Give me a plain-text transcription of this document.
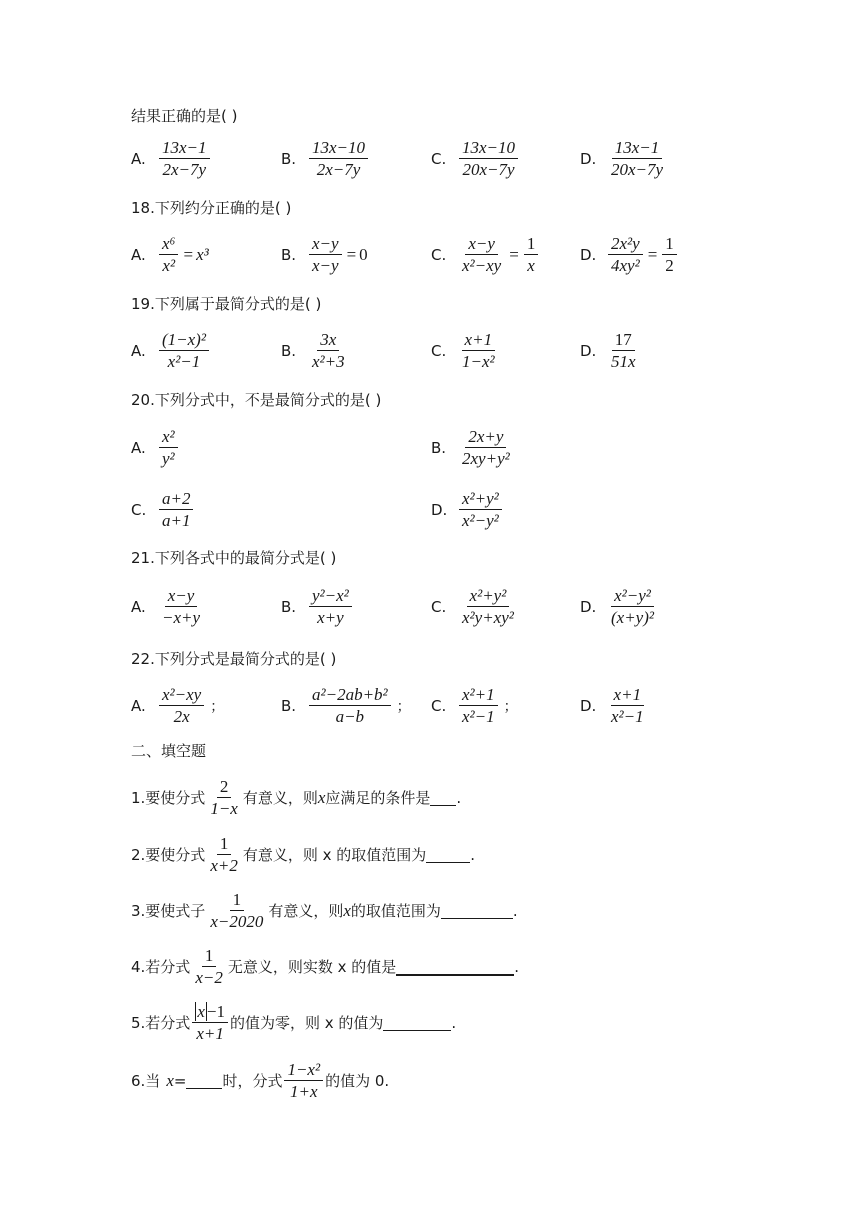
结果正确的是( )
A. $\frac{13x-1}{2x-7y}$	B. $\frac{13x-10}{2x-7y}$	C. $\frac{13x-10}{20x-7y}$	D. $\frac{13x-1}{20x-7y}$
18.下列约分正确的是( )
A. $\frac{\text{x⁶}}{\text{x²}} = x^3$	B. $\frac{x-y}{x-y} = 0$	C. $\frac{x-y}{\text{x²−xy}} = \frac{1}{x}$	D. $\frac{\text{2x²y}}{\text{4xy²}} = \frac{1}{2}$
19.下列属于最简分式的是( )
A. $\frac{\text{(1−x)²}}{\text{x²−1}}$	B. $\frac{3x}{\text{x²+3}}$	C. $\frac{x+1}{\text{1−x²}}$	D. $\frac{17}{51x}$
20.下列分式中，不是最简分式的是( )
A. $\frac{\text{x²}}{\text{y²}}$	B. $\frac{2x+y}{\text{2xy+y²}}$
C. $\frac{a+2}{a+1}$	D. $\frac{\text{x²+y²}}{\text{x²−y²}}$
21.下列各式中的最简分式是( )
A. $\frac{x-y}{-x+y}$	B. $\frac{\text{y²−x²}}{x+y}$	C. $\frac{\text{x²+y²}}{\text{x²y+xy²}}$	D. $\frac{\text{x²−y²}}{\text{(x+y)²}}$
22.下列分式是最简分式的是( )
A. $\frac{\text{x²−xy}}{2x}$ ；	B. $\frac{\text{a²−2ab+b²}}{a-b}$ ； C. $\frac{\text{x²+1}}{\text{x²−1}}$ ；	D. $\frac{x+1}{\text{x²−1}}$
二、填空题
1.要使分式 $\frac{2}{1-x}$ 有意义，则 x 应满足的条件是 .
2.要使分式 $\frac{1}{x+2}$ 有意义，则 x 的取值范围为	.
3.要使式子 $\frac{1}{x-2020}$ 有意义，则 x 的取值范围为	.
4.若分式 $\frac{1}{x-2}$ 无意义，则实数 x 的值是	.
5.若分式 $\frac{x -1}{x+1}$ 的值为零，则 x 的值为	.
6.当 x = 时，分式 $\frac{\text{1−x²}}{1+x}$ 的值为 0.
